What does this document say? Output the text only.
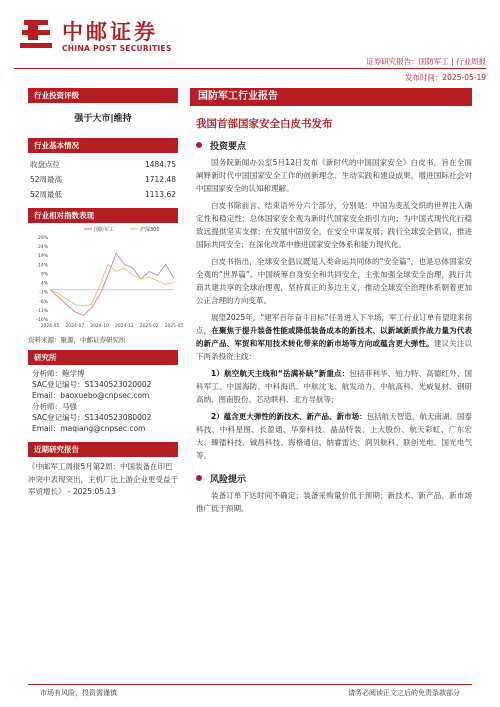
中邮证券
CHINA POST SECURITIES
证券研究报告：国防军工 | 行业周报
发布时间：2025-05-19
行业投资评级
强于大市|维持
行业基本情况
收盘点位	1484.75
52周最高	1712.48
52周最低	1113.62
行业相对指数表现
29%
24%
19%
14%
9%
4%
-1%
-6%
-11%
-16%
2024-05 2024-07 2024-10 2024-12 2025-02 2025-05
国防军工	沪深300
资料来源：聚源，中邮证券研究所
研究所
分析师：鲍学博
SAC登记编号：S1340523020002
Email：baoxuebo@cnpsec.com
分析师：马强
SAC登记编号：S1340523080002
Email：maqiang@cnpsec.com
近期研究报告
《中邮军工周报5月第2周：中国装备在印巴冲突中表现突出，主机厂比上游企业更受益于军贸增长》 - 2025.05.13
国防军工行业报告
我国首部国家安全白皮书发布
投资要点
国务院新闻办公室5月12日发布《新时代的中国国家安全》白皮书，旨在全面阐释新时代中国国家安全工作的创新理念、生动实践和建设成果，增进国际社会对中国国家安全的认知和理解。
白皮书除前言、结束语外分六个部分，分别是：中国为变乱交织的世界注入确定性和稳定性；总体国家安全观为新时代国家安全指引方向；为中国式现代化行稳致远提供坚实支撑；在发展中固安全，在安全中谋发展；践行全球安全倡议，推进国际共同安全；在深化改革中推进国家安全体系和能力现代化。
白皮书指出，全球安全倡议既是人类命运共同体的“安全篇”，也是总体国家安全观的“世界篇”。中国统筹自身安全和共同安全，主张加强全球安全治理，践行共商共建共享的全球治理观，坚持真正的多边主义，推动全球安全治理体系朝着更加公正合理的方向变革。
展望2025年，“建军百年奋斗目标”任务进入下半场，军工行业订单有望迎来拐点，在聚焦于提升装备性能或降低装备成本的新技术、以新域新质作战力量为代表的新产品、军贸和军用技术转化带来的新市场等方向或蕴含更大弹性。建议关注以下两条投资主线：
1）航空航天主线和“岳满补缺”新重点：包括菲利华、铂力特、高德红外、国科军工、中国海防、中科海讯、中航沈飞、航发动力、中航高科、光威复材、钢研高纳、图南股份、芯动联科、北方导航等；
2）蕴含更大弹性的新技术、新产品、新市场：包括航天智造、航天南湖、国泰科技、中科星图、长盈通、华秦科技、晶品特装、上大股份、航天彩虹、广东宏大、臻镭科技、铖昌科技、海格通信、纳睿雷达、润贝航科、联创光电、国光电气等。
风险提示
装备订单下达时间不确定；装备采购量价低于预期；新技术、新产品、新市场推广低于预期。
市场有风险，投资需谨慎	请务必阅读正文之后的免责条款部分
